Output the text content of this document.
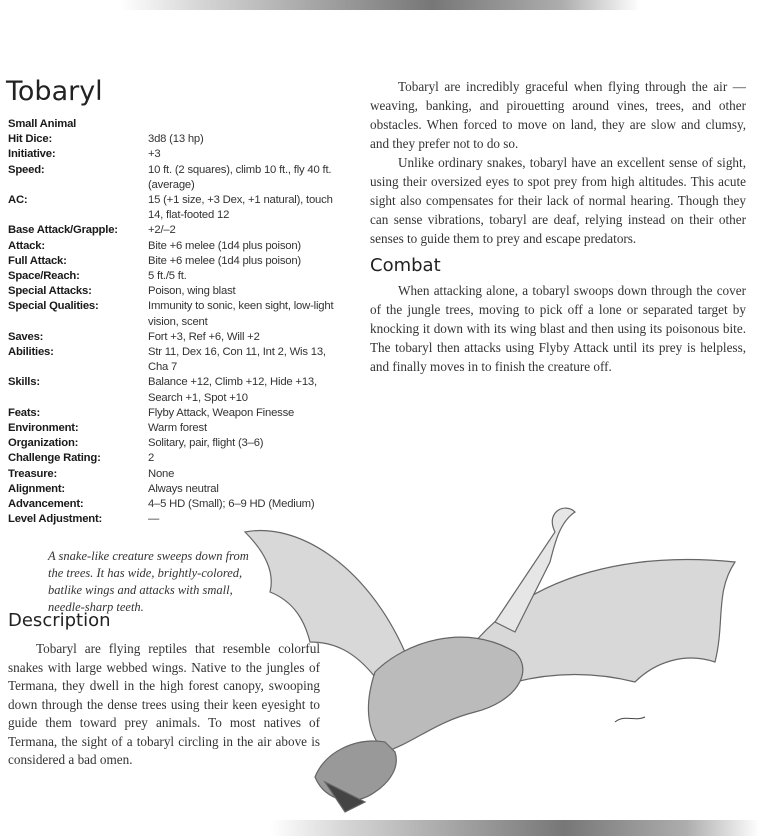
Tobaryl
Small Animal
Hit Dice:	3d8 (13 hp)
Initiative:	+3
Speed:	10 ft. (2 squares), climb 10 ft., fly 40 ft. (average)
AC:	15 (+1 size, +3 Dex, +1 natural), touch 14, flat-footed 12
Base Attack/Grapple:	+2/–2
Attack:	Bite +6 melee (1d4 plus poison)
Full Attack:	Bite +6 melee (1d4 plus poison)
Space/Reach:	5 ft./5 ft.
Special Attacks:	Poison, wing blast
Special Qualities:	Immunity to sonic, keen sight, low-light vision, scent
Saves:	Fort +3, Ref +6, Will +2
Abilities:	Str 11, Dex 16, Con 11, Int 2, Wis 13, Cha 7
Skills:	Balance +12, Climb +12, Hide +13, Search +1, Spot +10
Feats:	Flyby Attack, Weapon Finesse
Environment:	Warm forest
Organization:	Solitary, pair, flight (3–6)
Challenge Rating:	2
Treasure:	None
Alignment:	Always neutral
Advancement:	4–5 HD (Small); 6–9 HD (Medium)
Level Adjustment:	—

Tobaryl are incredibly graceful when flying through the air — weaving, banking, and pirouetting around vines, trees, and other obstacles. When forced to move on land, they are slow and clumsy, and they prefer not to do so.

Unlike ordinary snakes, tobaryl have an excellent sense of sight, using their oversized eyes to spot prey from high altitudes. This acute sight also compensates for their lack of normal hearing. Though they can sense vibrations, tobaryl are deaf, relying instead on their other senses to guide them to prey and escape predators.

Combat

When attacking alone, a tobaryl swoops down through the cover of the jungle trees, moving to pick off a lone or separated target by knocking it down with its wing blast and then using its poisonous bite. The tobaryl then attacks using Flyby Attack until its prey is helpless, and finally moves in to finish the creature off.

A snake-like creature sweeps down from the trees. It has wide, brightly-colored, batlike wings and attacks with small, needle-sharp teeth.
Description

Tobaryl are flying reptiles that resemble colorful snakes with large webbed wings. Native to the jungles of Termana, they dwell in the high forest canopy, swooping down through the dense trees using their keen eyesight to guide them toward prey animals. To most natives of Termana, the sight of a tobaryl circling in the air above is considered a bad omen.
